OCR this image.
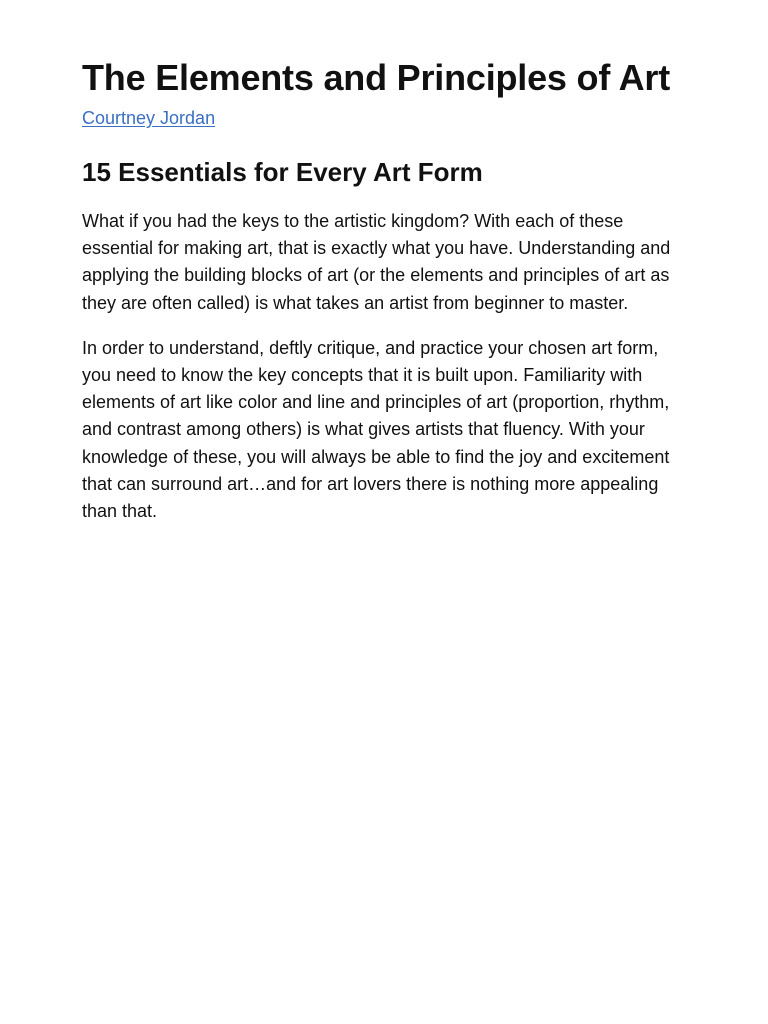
The Elements and Principles of Art
Courtney Jordan
15 Essentials for Every Art Form

What if you had the keys to the artistic kingdom? With each of these essential for making art, that is exactly what you have. Understanding and applying the building blocks of art (or the elements and principles of art as they are often called) is what takes an artist from beginner to master.

In order to understand, deftly critique, and practice your chosen art form, you need to know the key concepts that it is built upon. Familiarity with elements of art like color and line and principles of art (proportion, rhythm, and contrast among others) is what gives artists that fluency. With your knowledge of these, you will always be able to find the joy and excitement that can surround art…and for art lovers there is nothing more appealing than that.
